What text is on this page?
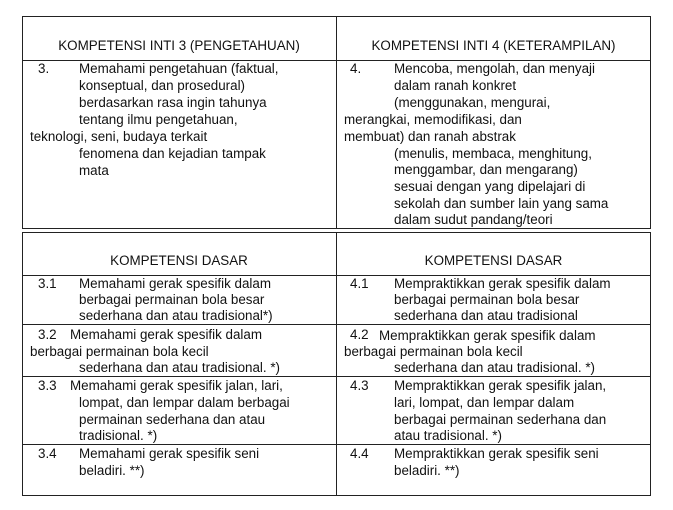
KOMPETENSI INTI 3 (PENGETAHUAN)	KOMPETENSI INTI 4 (KETERAMPILAN)
3. Memahami pengetahuan (faktual,
konseptual, dan prosedural)
berdasarkan rasa ingin tahunya
tentang ilmu pengetahuan,
teknologi, seni, budaya terkait
fenomena dan kejadian tampak
mata
4. Mencoba, mengolah, dan menyaji
dalam ranah konkret
(menggunakan, mengurai,
merangkai, memodifikasi, dan
membuat) dan ranah abstrak
(menulis, membaca, menghitung,
menggambar, dan mengarang)
sesuai dengan yang dipelajari di
sekolah dan sumber lain yang sama
dalam sudut pandang/teori
KOMPETENSI DASAR	KOMPETENSI DASAR
3.1 Memahami gerak spesifik dalam
berbagai permainan bola besar
sederhana dan atau tradisional*)
4.1 Mempraktikkan gerak spesifik dalam
berbagai permainan bola besar
sederhana dan atau tradisional
3.2 Memahami gerak spesifik dalam
berbagai permainan bola kecil
sederhana dan atau tradisional. *)
4.2 Mempraktikkan gerak spesifik dalam
berbagai permainan bola kecil
sederhana dan atau tradisional. *)
3.3 Memahami gerak spesifik jalan, lari,
lompat, dan lempar dalam berbagai
permainan sederhana dan atau
tradisional. *)
4.3 Mempraktikkan gerak spesifik jalan,
lari, lompat, dan lempar dalam
berbagai permainan sederhana dan
atau tradisional. *)
3.4 Memahami gerak spesifik seni
beladiri. **)
4.4 Mempraktikkan gerak spesifik seni
beladiri. **)
